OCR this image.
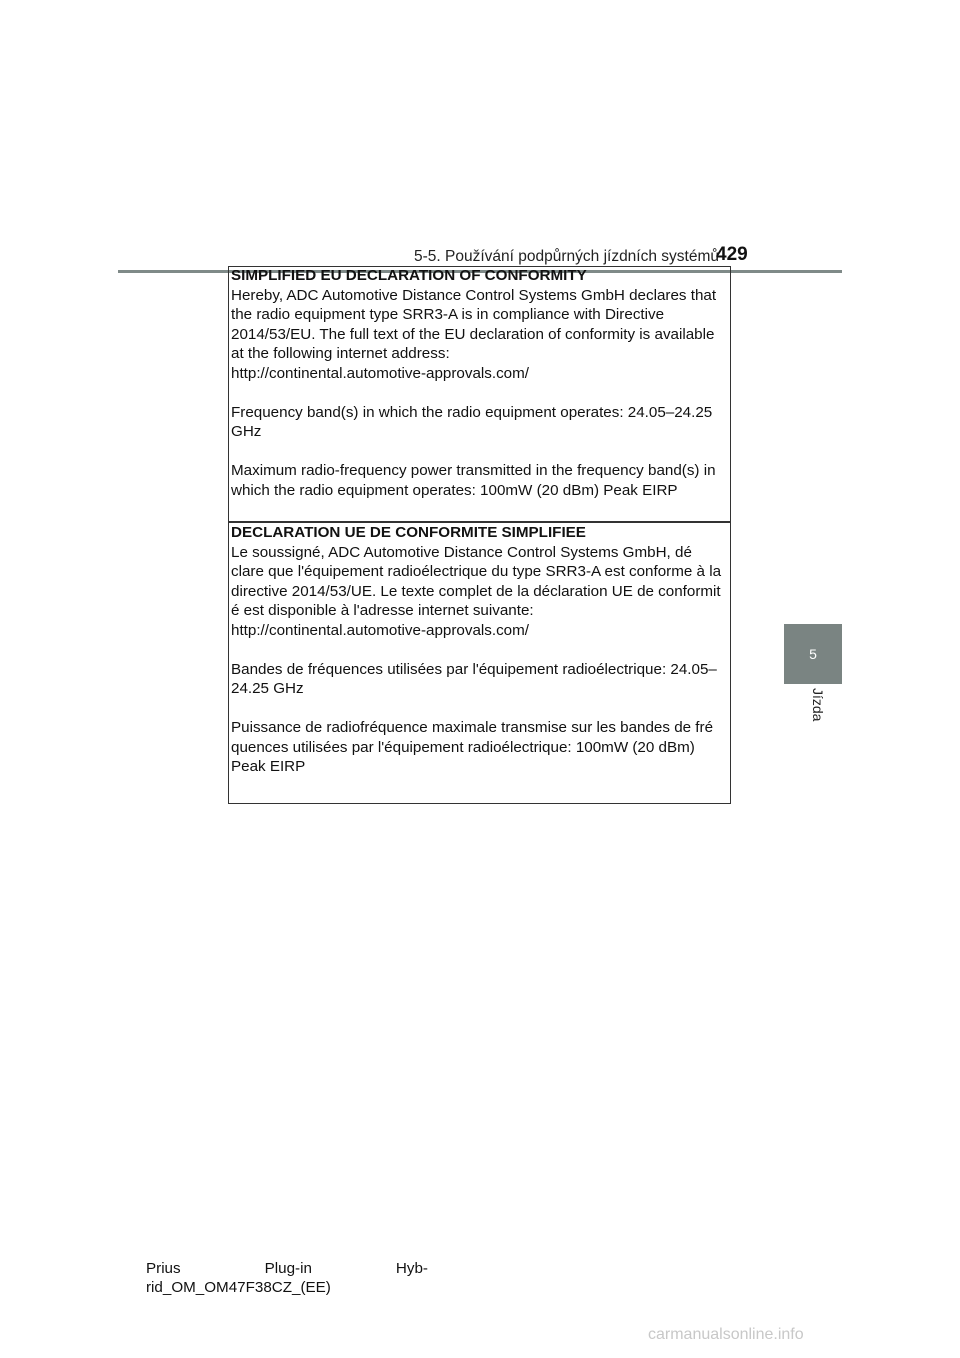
5-5. Používání podpůrných jízdních systémů
429
5
Jízda

SIMPLIFIED EU DECLARATION OF CONFORMITY

Hereby, ADC Automotive Distance Control Systems GmbH declares that

the radio equipment type SRR3-A is in compliance with Directive

2014/53/EU. The full text of the EU declaration of conformity is available

at the following internet address:

http://continental.automotive-approvals.com/

Frequency band(s) in which the radio equipment operates: 24.05–24.25

GHz

Maximum radio-frequency power transmitted in the frequency band(s) in

which the radio equipment operates: 100mW (20 dBm) Peak EIRP

DECLARATION UE DE CONFORMITE SIMPLIFIEE

Le soussigné, ADC Automotive Distance Control Systems GmbH, dé

clare que l'équipement radioélectrique du type SRR3-A est conforme à la

directive 2014/53/UE. Le texte complet de la déclaration UE de conformit

é est disponible à l'adresse internet suivante:

http://continental.automotive-approvals.com/

Bandes de fréquences utilisées par l'équipement radioélectrique: 24.05–

24.25 GHz

Puissance de radiofréquence maximale transmise sur les bandes de fré

quences utilisées par l'équipement radioélectrique: 100mW (20 dBm)

Peak EIRP

Prius	Plug-in	Hyb-
rid_OM_OM47F38CZ_(EE)
carmanualsonline.info
